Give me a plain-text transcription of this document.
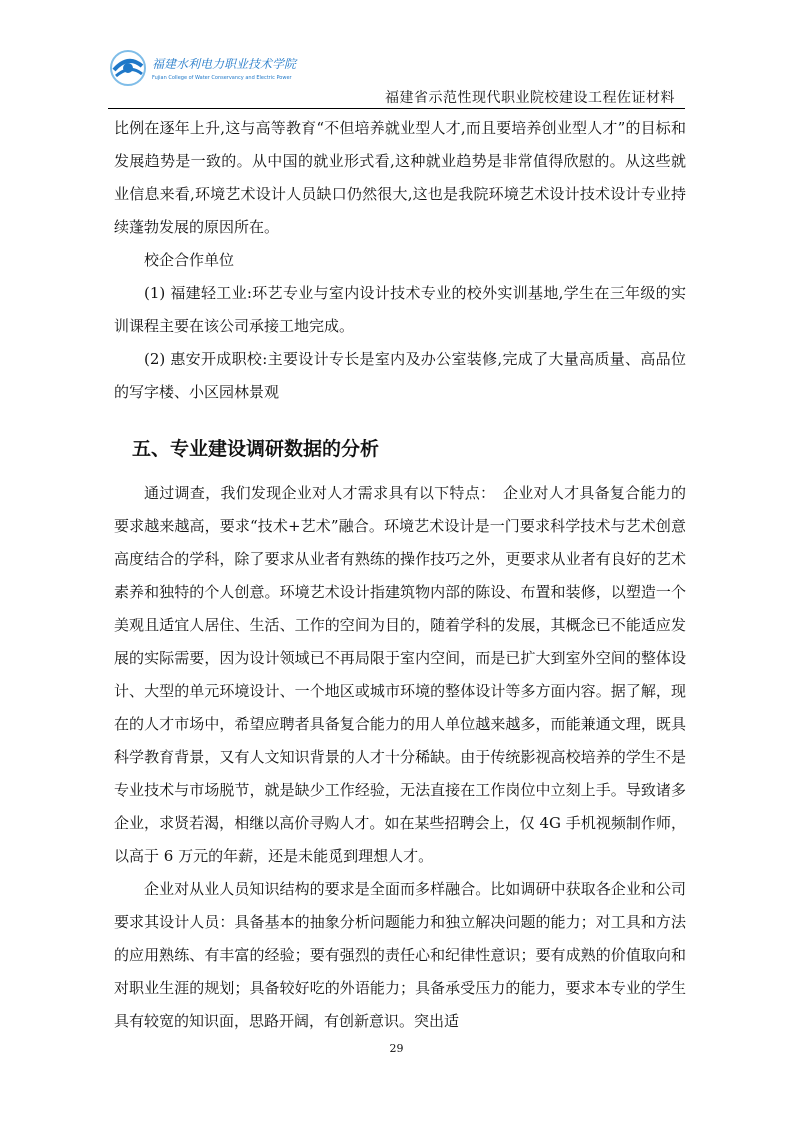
福建水利电力职业技术学院
Fujian College of Water Conservancy and Electric Power
福建省示范性现代职业院校建设工程佐证材料

比例在逐年上升,这与高等教育“不但培养就业型人才,而且要培养创业型人才”的目标和发展趋势是一致的。从中国的就业形式看,这种就业趋势是非常值得欣慰的。从这些就业信息来看,环境艺术设计人员缺口仍然很大,这也是我院环境艺术设计技术设计专业持续蓬勃发展的原因所在。

校企合作单位

(1) 福建轻工业:环艺专业与室内设计技术专业的校外实训基地,学生在三年级的实训课程主要在该公司承接工地完成。

(2) 惠安开成职校:主要设计专长是室内及办公室装修,完成了大量高质量、高品位的写字楼、小区园林景观

五、专业建设调研数据的分析

通过调查，我们发现企业对人才需求具有以下特点：　企业对人才具备复合能力的要求越来越高，要求“技术+艺术”融合。环境艺术设计是一门要求科学技术与艺术创意高度结合的学科，除了要求从业者有熟练的操作技巧之外，更要求从业者有良好的艺术素养和独特的个人创意。环境艺术设计指建筑物内部的陈设、布置和装修，以塑造一个美观且适宜人居住、生活、工作的空间为目的，随着学科的发展，其概念已不能适应发展的实际需要，因为设计领域已不再局限于室内空间，而是已扩大到室外空间的整体设计、大型的单元环境设计、一个地区或城市环境的整体设计等多方面内容。据了解，现在的人才市场中，希望应聘者具备复合能力的用人单位越来越多，而能兼通文理，既具科学教育背景，又有人文知识背景的人才十分稀缺。由于传统影视高校培养的学生不是专业技术与市场脱节，就是缺少工作经验，无法直接在工作岗位中立刻上手。导致诸多企业，求贤若渴，相继以高价寻购人才。如在某些招聘会上，仅 4G 手机视频制作师，以高于 6 万元的年薪，还是未能觅到理想人才。

企业对从业人员知识结构的要求是全面而多样融合。比如调研中获取各企业和公司要求其设计人员：具备基本的抽象分析问题能力和独立解决问题的能力；对工具和方法的应用熟练、有丰富的经验；要有强烈的责任心和纪律性意识；要有成熟的价值取向和对职业生涯的规划；具备较好吃的外语能力；具备承受压力的能力，要求本专业的学生具有较宽的知识面，思路开阔，有创新意识。突出适

29
